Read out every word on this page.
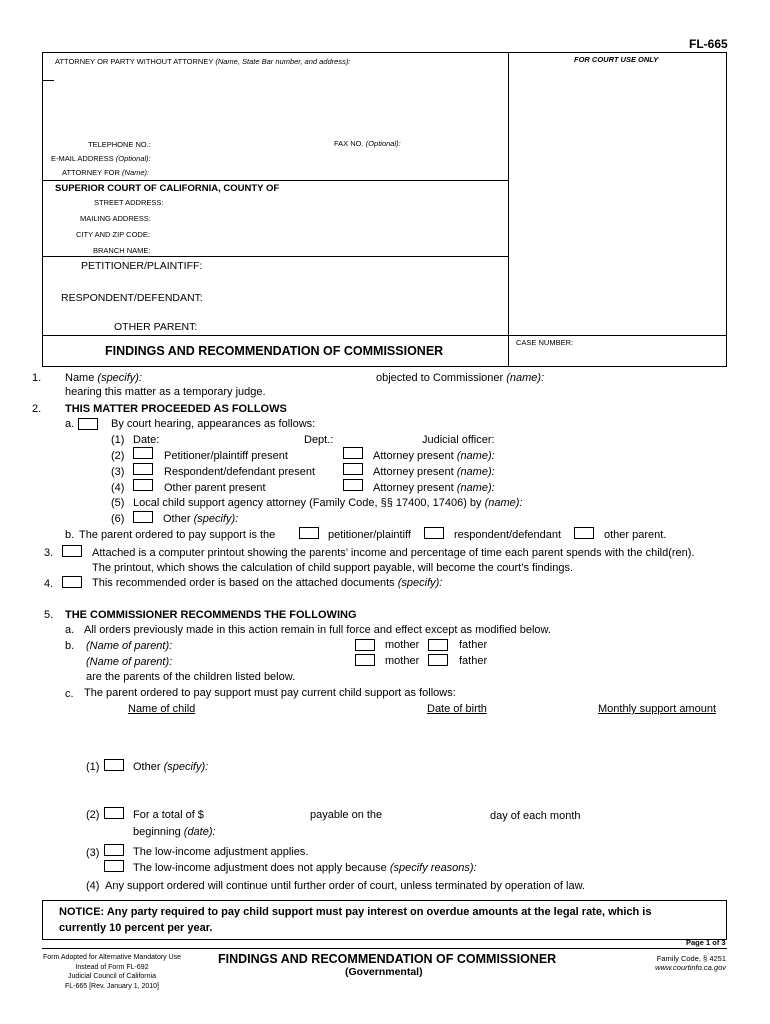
FL-665
ATTORNEY OR PARTY WITHOUT ATTORNEY (Name, State Bar number, and address):	FOR COURT USE ONLY
TELEPHONE NO.:	FAX NO. (Optional):
E-MAIL ADDRESS (Optional):
ATTORNEY FOR (Name):
SUPERIOR COURT OF CALIFORNIA, COUNTY OF
STREET ADDRESS:
MAILING ADDRESS:
CITY AND ZIP CODE:
BRANCH NAME:
PETITIONER/PLAINTIFF:
RESPONDENT/DEFENDANT:
OTHER PARENT:
FINDINGS AND RECOMMENDATION OF COMMISSIONER
CASE NUMBER:
1. Name (specify):	objected to Commissioner (name):
hearing this matter as a temporary judge.
2. THIS MATTER PROCEEDED AS FOLLOWS
a.	By court hearing, appearances as follows:
(1) Date:	Dept.:	Judicial officer:
(2)	Petitioner/plaintiff present	Attorney present (name):
(3)	Respondent/defendant present	Attorney present (name):
(4)	Other parent present	Attorney present (name):
(5) Local child support agency attorney (Family Code, §§ 17400, 17406) by (name):
(6)	Other (specify):
b. The parent ordered to pay support is the	petitioner/plaintiff	respondent/defendant	other parent.
3.	Attached is a computer printout showing the parents’ income and percentage of time each parent spends with the child(ren).
The printout, which shows the calculation of child support payable, will become the court’s findings.
4.	This recommended order is based on the attached documents (specify):
5. THE COMMISSIONER RECOMMENDS THE FOLLOWING
a. All orders previously made in this action remain in full force and effect except as modified below.
b. (Name of parent):	mother	father
(Name of parent):	mother	father
are the parents of the children listed below.
c. The parent ordered to pay support must pay current child support as follows:
Name of child	Date of birth	Monthly support amount
(1)	Other (specify):
(2)	For a total of $	payable on the	day of each month
beginning (date):
(3)	The low-income adjustment applies.
The low-income adjustment does not apply because (specify reasons):
(4) Any support ordered will continue until further order of court, unless terminated by operation of law.
NOTICE: Any party required to pay child support must pay interest on overdue amounts at the legal rate, which is
currently 10 percent per year.
Page 1 of 3
Form Adopted for Alternative Mandatory Use
Instead of Form FL-692
Judicial Council of California
FL-665 [Rev. January 1, 2010]
FINDINGS AND RECOMMENDATION OF COMMISSIONER
(Governmental)
Family Code, § 4251
www.courtinfo.ca.gov
